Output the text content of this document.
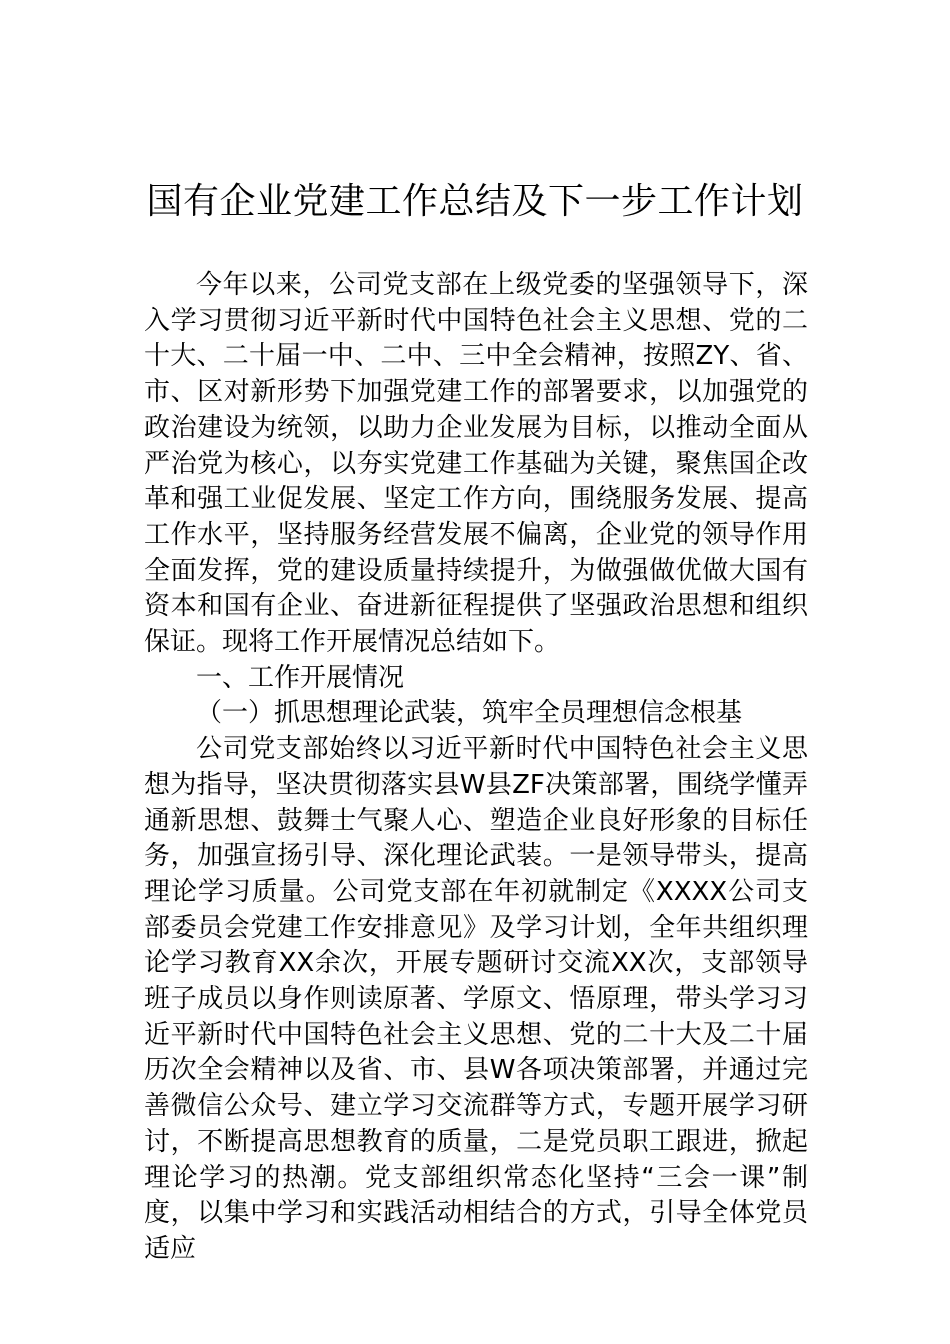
国有企业党建工作总结及下一步工作计划

今年以来，公司党支部在上级党委的坚强领导下，深入学习贯彻习近平新时代中国特色社会主义思想、党的二十大、二十届一中、二中、三中全会精神，按照ZY、省、市、区对新形势下加强党建工作的部署要求，以加强党的政治建设为统领，以助力企业发展为目标，以推动全面从严治党为核心，以夯实党建工作基础为关键，聚焦国企改革和强工业促发展、坚定工作方向，围绕服务发展、提高工作水平，坚持服务经营发展不偏离，企业党的领导作用全面发挥，党的建设质量持续提升，为做强做优做大国有资本和国有企业、奋进新征程提供了坚强政治思想和组织保证。现将工作开展情况总结如下。

一、工作开展情况

（一）抓思想理论武装，筑牢全员理想信念根基

公司党支部始终以习近平新时代中国特色社会主义思想为指导，坚决贯彻落实县W县ZF决策部署，围绕学懂弄通新思想、鼓舞士气聚人心、塑造企业良好形象的目标任务，加强宣扬引导、深化理论武装。一是领导带头，提高理论学习质量。公司党支部在年初就制定《XXXX公司支部委员会党建工作安排意见》及学习计划，全年共组织理论学习教育XX余次，开展专题研讨交流XX次，支部领导班子成员以身作则读原著、学原文、悟原理，带头学习习近平新时代中国特色社会主义思想、党的二十大及二十届历次全会精神以及省、市、县W各项决策部署，并通过完善微信公众号、建立学习交流群等方式，专题开展学习研讨，不断提高思想教育的质量，二是党员职工跟进，掀起理论学习的热潮。党支部组织常态化坚持“三会一课”制度，以集中学习和实践活动相结合的方式，引导全体党员适应
